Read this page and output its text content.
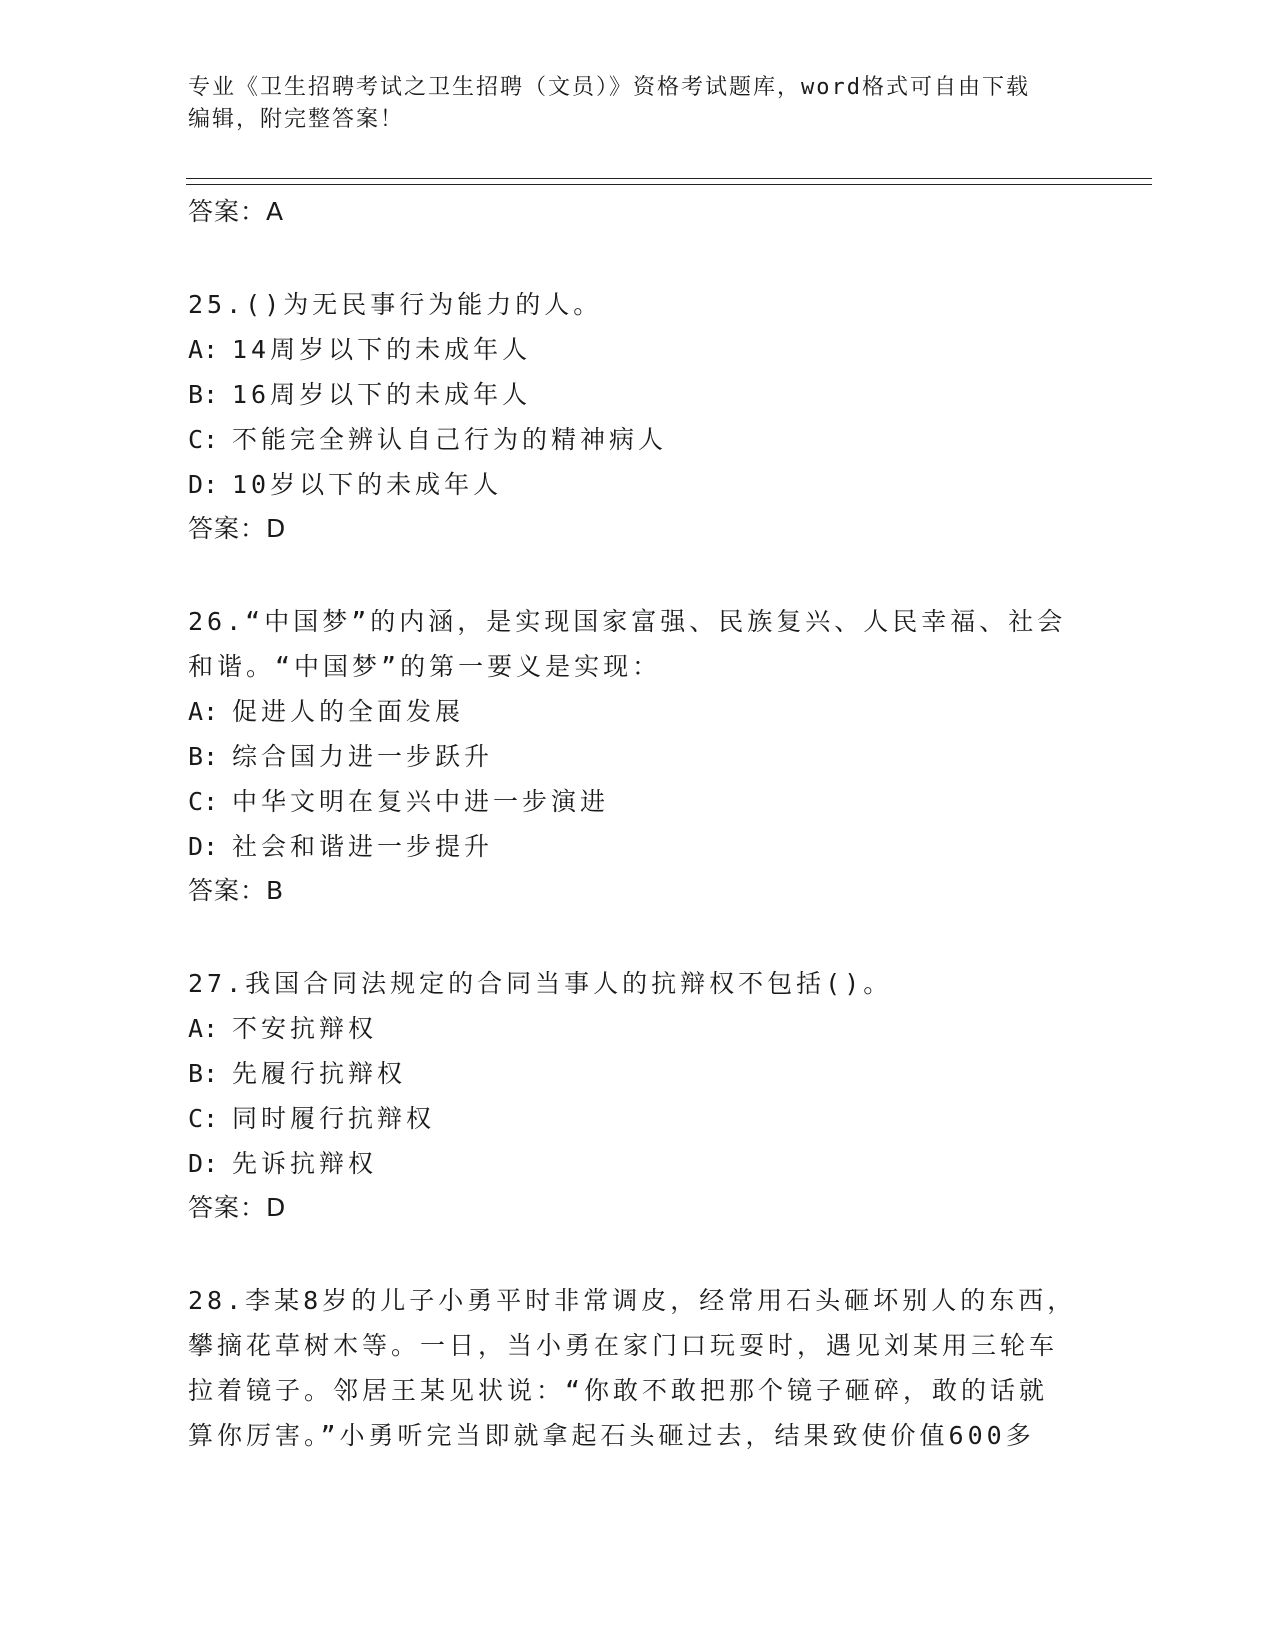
专业《卫生招聘考试之卫生招聘（文员）》资格考试题库，word格式可自由下载
编辑，附完整答案！
答案：A
25.()为无民事行为能力的人。
A: 14周岁以下的未成年人
B: 16周岁以下的未成年人
C: 不能完全辨认自己行为的精神病人
D: 10岁以下的未成年人
答案：D
26.“中国梦”的内涵，是实现国家富强、民族复兴、人民幸福、社会
和谐。“中国梦”的第一要义是实现：
A: 促进人的全面发展
B: 综合国力进一步跃升
C: 中华文明在复兴中进一步演进
D: 社会和谐进一步提升
答案：B
27.我国合同法规定的合同当事人的抗辩权不包括()。
A: 不安抗辩权
B: 先履行抗辩权
C: 同时履行抗辩权
D: 先诉抗辩权
答案：D
28.李某8岁的儿子小勇平时非常调皮，经常用石头砸坏别人的东西，
攀摘花草树木等。一日，当小勇在家门口玩耍时，遇见刘某用三轮车
拉着镜子。邻居王某见状说：“你敢不敢把那个镜子砸碎，敢的话就
算你厉害。”小勇听完当即就拿起石头砸过去，结果致使价值600多
